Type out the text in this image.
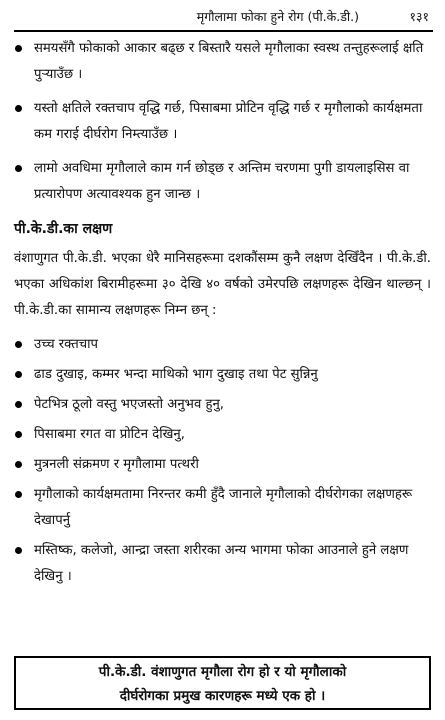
मृगौलामा फोका हुने रोग (पी.के.डी.)	१३१
समयसँगै फोकाको आकार बढ्छ र बिस्तारै यसले मृगौलाका स्वस्थ तन्तुहरूलाई क्षति पुऱ्याउँछ ।
यस्तो क्षतिले रक्तचाप वृद्धि गर्छ, पिसाबमा प्रोटिन वृद्धि गर्छ र मृगौलाको कार्यक्षमता कम गराई दीर्घरोग निम्त्याउँछ ।
लामो अवधिमा मृगौलाले काम गर्न छोड्छ र अन्तिम चरणमा पुगी डायलाइसिस वा प्रत्यारोपण अत्यावश्यक हुन जान्छ ।
पी.के.डी.का लक्षण

वंशाणुगत पी.के.डी. भएका धेरै मानिसहरूमा दशकौंसम्म कुनै लक्षण देखिँदैन । पी.के.डी. भएका अधिकांश बिरामीहरूमा ३० देखि ४० वर्षको उमेरपछि लक्षणहरू देखिन थाल्छन् । पी.के.डी.का सामान्य लक्षणहरू निम्न छन् :

उच्च रक्तचाप
ढाड दुखाइ, कम्मर भन्दा माथिको भाग दुखाइ तथा पेट सुन्निनु
पेटभित्र ठूलो वस्तु भएजस्तो अनुभव हुनु,
पिसाबमा रगत वा प्रोटिन देखिनु,
मुत्रनली संक्रमण र मृगौलामा पत्थरी
मृगौलाको कार्यक्षमतामा निरन्तर कमी हुँदै जानाले मृगौलाको दीर्घरोगका लक्षणहरू देखापर्नु
मस्तिष्क, कलेजो, आन्द्रा जस्ता शरीरका अन्य भागमा फोका आउनाले हुने लक्षण देखिनु ।
पी.के.डी. वंशाणुगत मृगौला रोग हो र यो मृगौलाको
दीर्घरोगका प्रमुख कारणहरू मध्ये एक हो ।
